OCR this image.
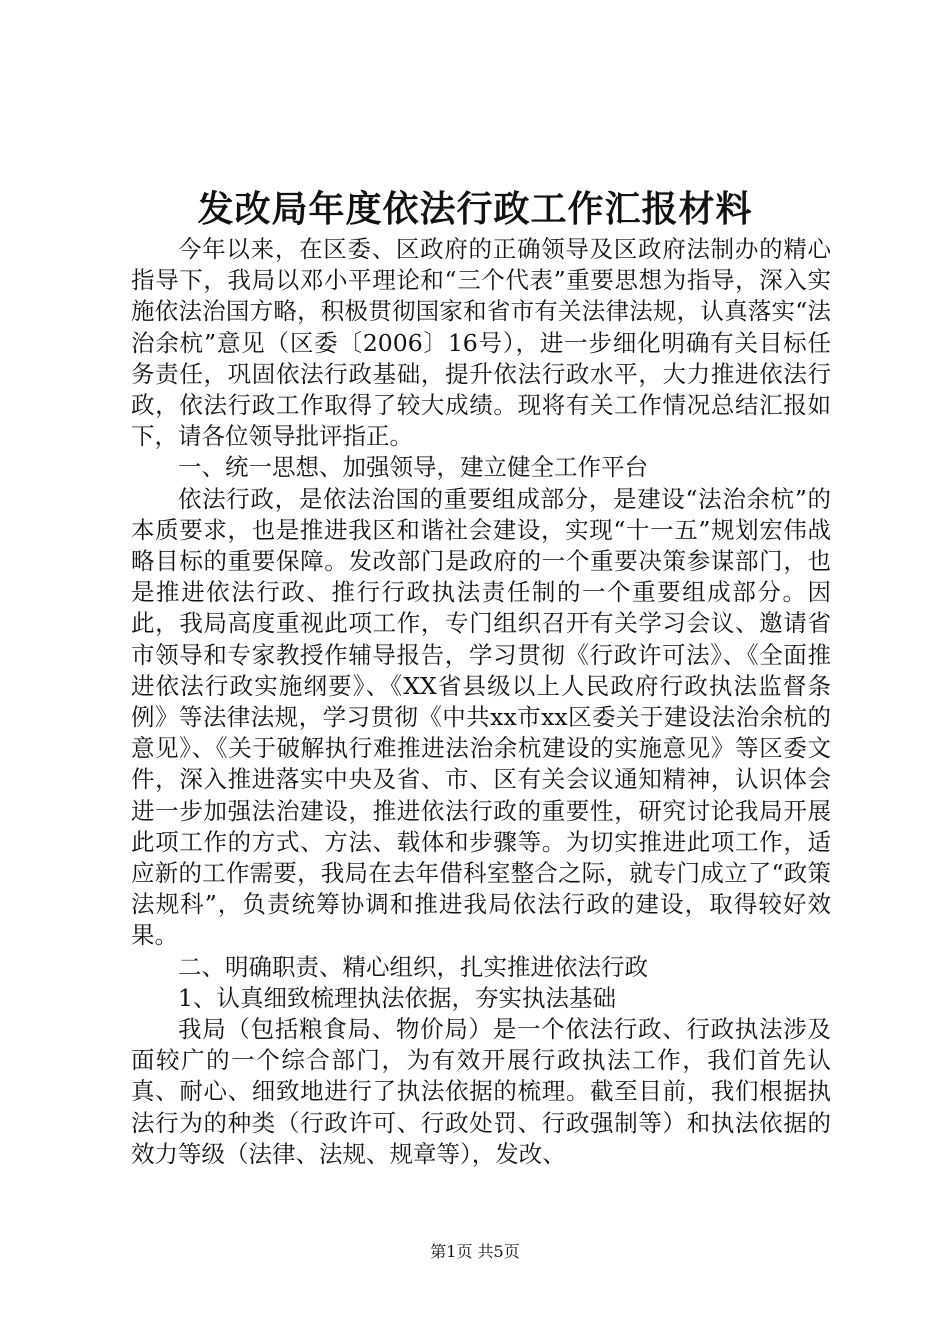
发改局年度依法行政工作汇报材料

今年以来，在区委、区政府的正确领导及区政府法制办的精心指导下，我局以邓小平理论和“三个代表”重要思想为指导，深入实施依法治国方略，积极贯彻国家和省市有关法律法规，认真落实“法治余杭”意见（区委〔2006〕16号），进一步细化明确有关目标任务责任，巩固依法行政基础，提升依法行政水平，大力推进依法行政，依法行政工作取得了较大成绩。现将有关工作情况总结汇报如下，请各位领导批评指正。

一、统一思想、加强领导，建立健全工作平台

依法行政，是依法治国的重要组成部分，是建设“法治余杭”的本质要求，也是推进我区和谐社会建设，实现“十一五”规划宏伟战略目标的重要保障。发改部门是政府的一个重要决策参谋部门，也是推进依法行政、推行行政执法责任制的一个重要组成部分。因此，我局高度重视此项工作，专门组织召开有关学习会议、邀请省市领导和专家教授作辅导报告，学习贯彻《行政许可法》、《全面推进依法行政实施纲要》、《XX省县级以上人民政府行政执法监督条例》等法律法规，学习贯彻《中共xx市xx区委关于建设法治余杭的意见》、《关于破解执行难推进法治余杭建设的实施意见》等区委文件，深入推进落实中央及省、市、区有关会议通知精神，认识体会进一步加强法治建设，推进依法行政的重要性，研究讨论我局开展此项工作的方式、方法、载体和步骤等。为切实推进此项工作，适应新的工作需要，我局在去年借科室整合之际，就专门成立了“政策法规科”，负责统筹协调和推进我局依法行政的建设，取得较好效果。

二、明确职责、精心组织，扎实推进依法行政

1、认真细致梳理执法依据，夯实执法基础

我局（包括粮食局、物价局）是一个依法行政、行政执法涉及面较广的一个综合部门，为有效开展行政执法工作，我们首先认真、耐心、细致地进行了执法依据的梳理。截至目前，我们根据执法行为的种类（行政许可、行政处罚、行政强制等）和执法依据的效力等级（法律、法规、规章等），发改、

第1页 共5页
